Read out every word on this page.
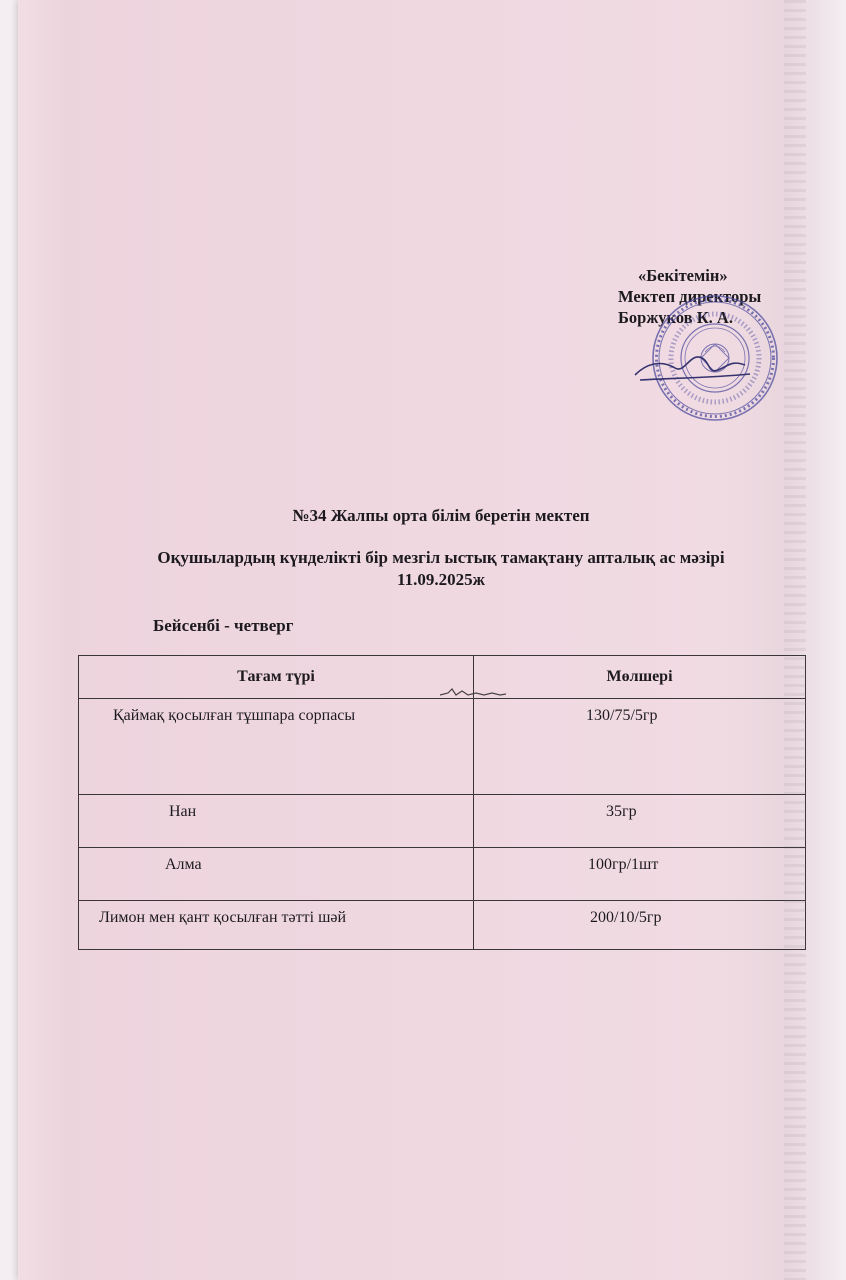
«Бекітемін»
Мектеп директоры
Боржуков К. А.
№34 Жалпы орта білім беретін мектеп
Оқушылардың күнделікті бір мезгіл ыстық тамақтану апталық ас мәзірі
11.09.2025ж
Бейсенбі - четверг
Тағам түрі	Мөлшері
Қаймақ қосылған тұшпара сорпасы	130/75/5гр
Нан	35гр
Алма	100гр/1шт
Лимон мен қант қосылған тәтті шәй	200/10/5гр
